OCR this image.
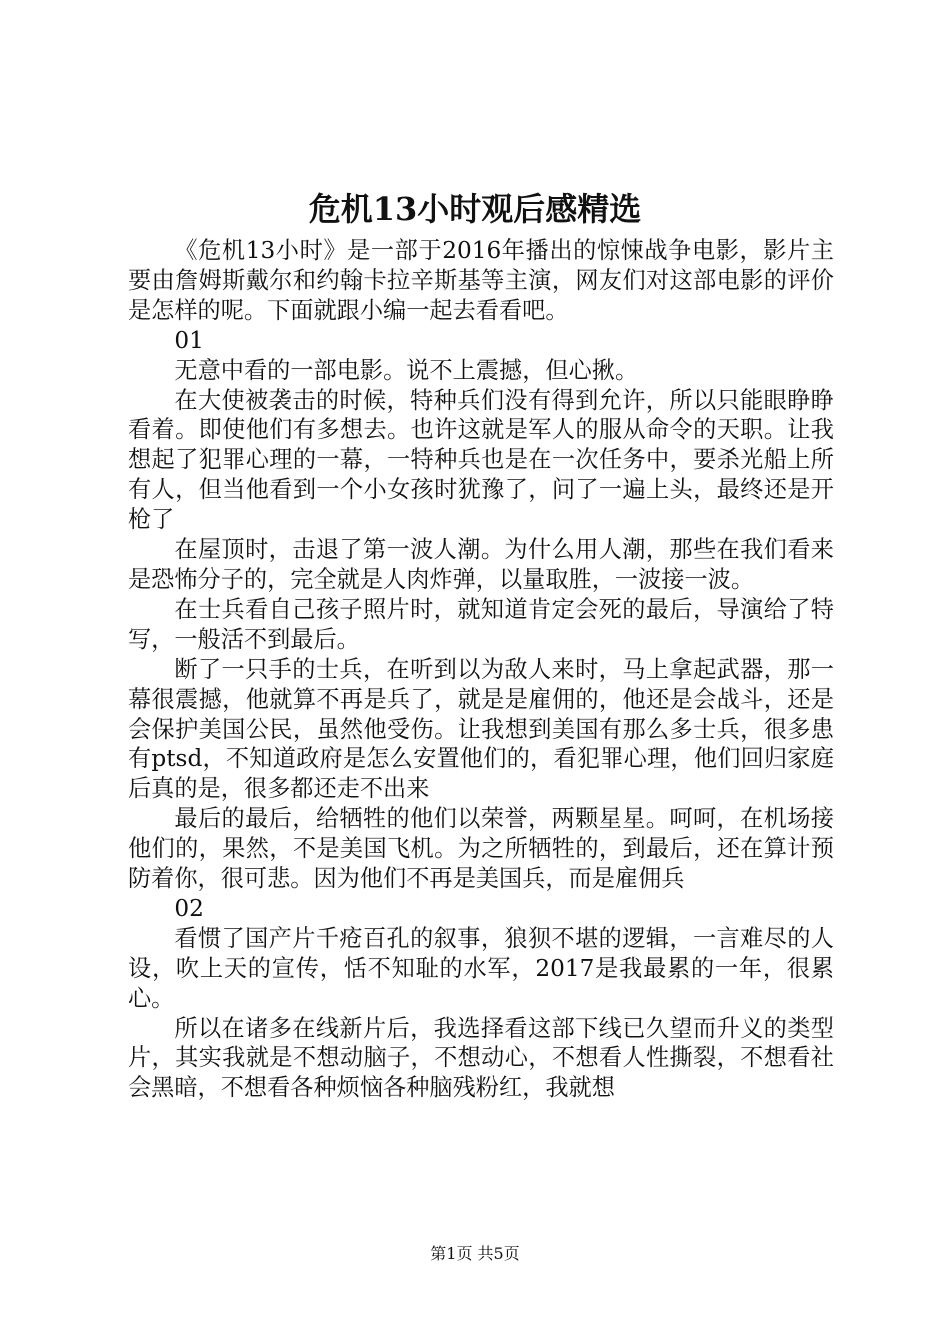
危机13小时观后感精选

《危机13小时》是一部于2016年播出的惊悚战争电影，影片主要由詹姆斯戴尔和约翰卡拉辛斯基等主演，网友们对这部电影的评价是怎样的呢。下面就跟小编一起去看看吧。

01

无意中看的一部电影。说不上震撼，但心揪。

在大使被袭击的时候，特种兵们没有得到允许，所以只能眼睁睁看着。即使他们有多想去。也许这就是军人的服从命令的天职。让我想起了犯罪心理的一幕，一特种兵也是在一次任务中，要杀光船上所有人，但当他看到一个小女孩时犹豫了，问了一遍上头，最终还是开枪了

在屋顶时，击退了第一波人潮。为什么用人潮，那些在我们看来是恐怖分子的，完全就是人肉炸弹，以量取胜，一波接一波。

在士兵看自己孩子照片时，就知道肯定会死的最后，导演给了特写，一般活不到最后。

断了一只手的士兵，在听到以为敌人来时，马上拿起武器，那一幕很震撼，他就算不再是兵了，就是是雇佣的，他还是会战斗，还是会保护美国公民，虽然他受伤。让我想到美国有那么多士兵，很多患有ptsd，不知道政府是怎么安置他们的，看犯罪心理，他们回归家庭后真的是，很多都还走不出来

最后的最后，给牺牲的他们以荣誉，两颗星星。呵呵，在机场接他们的，果然，不是美国飞机。为之所牺牲的，到最后，还在算计预防着你，很可悲。因为他们不再是美国兵，而是雇佣兵

02

看惯了国产片千疮百孔的叙事，狼狈不堪的逻辑，一言难尽的人设，吹上天的宣传，恬不知耻的水军，2017是我最累的一年，很累心。

所以在诸多在线新片后，我选择看这部下线已久望而升义的类型片，其实我就是不想动脑子，不想动心，不想看人性撕裂，不想看社会黑暗，不想看各种烦恼各种脑残粉红，我就想

第1页 共5页
